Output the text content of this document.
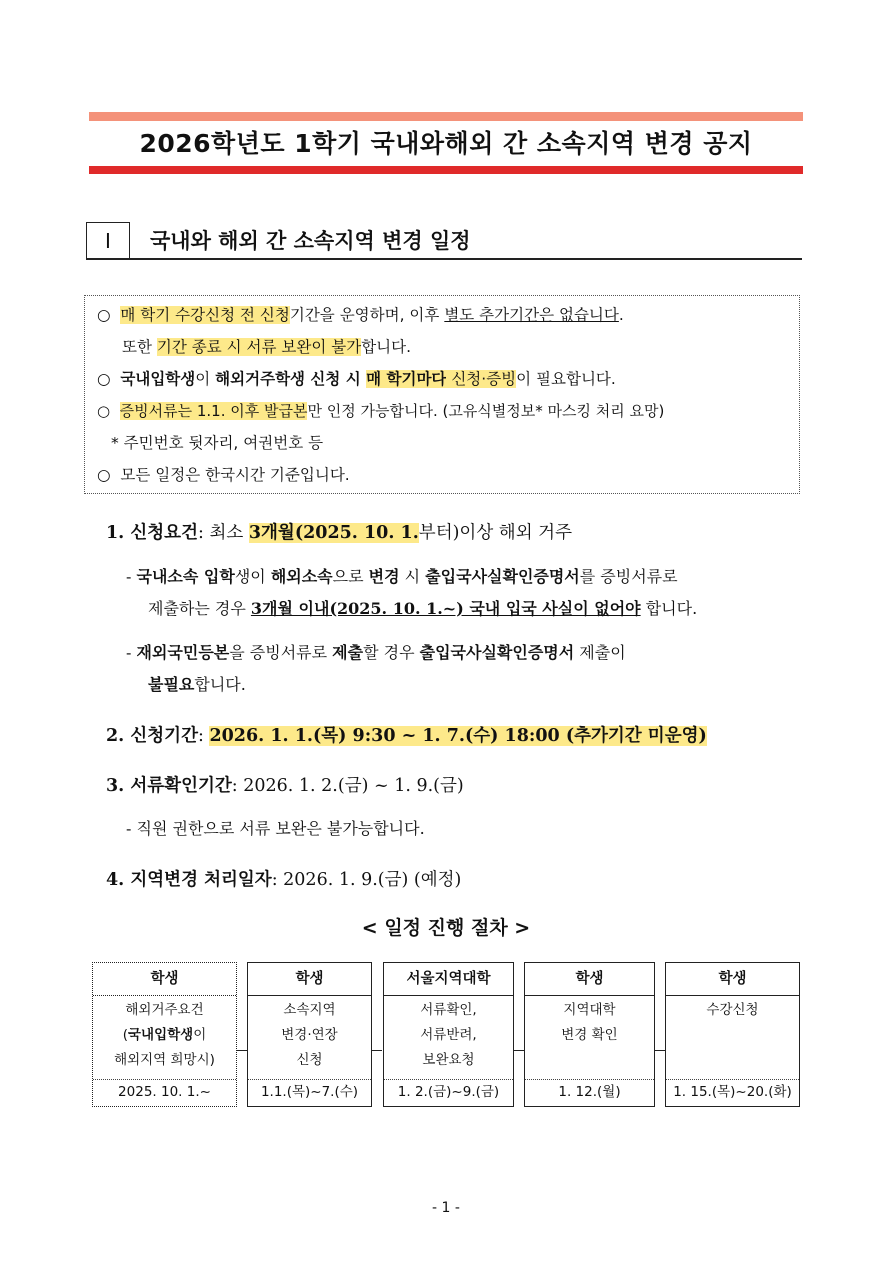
2026학년도 1학기 국내와해외 간 소속지역 변경 공지
Ⅰ	국내와 해외 간 소속지역 변경 일정
○ 매 학기 수강신청 전 신청기간을 운영하며, 이후 별도 추가기간은 없습니다.
또한 기간 종료 시 서류 보완이 불가합니다.
○ 국내입학생이 해외거주학생 신청 시 매 학기마다 신청·증빙이 필요합니다.
○ 증빙서류는 1.1. 이후 발급본만 인정 가능합니다. (고유식별정보* 마스킹 처리 요망)
* 주민번호 뒷자리, 여권번호 등
○ 모든 일정은 한국시간 기준입니다.
1. 신청요건: 최소 3개월(2025. 10. 1.부터)이상 해외 거주
- 국내소속 입학생이 해외소속으로 변경 시 출입국사실확인증명서를 증빙서류로
제출하는 경우 3개월 이내(2025. 10. 1.~) 국내 입국 사실이 없어야 합니다.
- 재외국민등본을 증빙서류로 제출할 경우 출입국사실확인증명서 제출이
불필요합니다.
2. 신청기간: 2026. 1. 1.(목) 9:30 ~ 1. 7.(수) 18:00 (추가기간 미운영)
3. 서류확인기간: 2026. 1. 2.(금) ~ 1. 9.(금)
- 직원 권한으로 서류 보완은 불가능합니다.
4. 지역변경 처리일자: 2026. 1. 9.(금) (예정)
< 일정 진행 절차 >
학생
해외거주요건
(국내입학생이
해외지역 희망시)
2025. 10. 1.~
학생
소속지역
변경·연장
신청
1.1.(목)~7.(수)
서울지역대학
서류확인,
서류반려,
보완요청
1. 2.(금)~9.(금)
학생
지역대학
변경 확인
1. 12.(월)
학생
수강신청
1. 15.(목)~20.(화)
- 1 -
